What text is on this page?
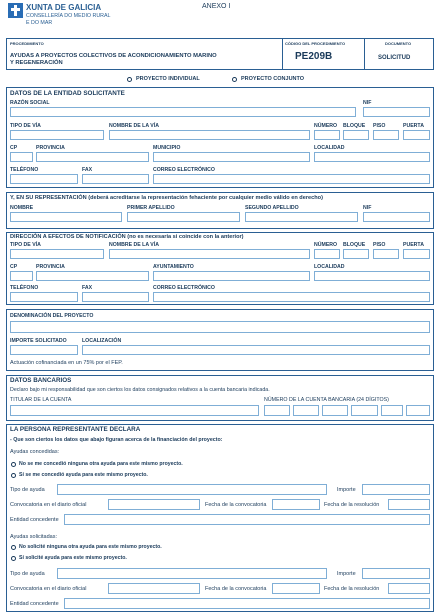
XUNTA DE GALICIA
CONSELLERÍA DO MEDIO RURAL
E DO MAR
ANEXO I
PROCEDIMIENTO
AYUDAS A PROYECTOS COLECTIVOS DE ACONDICIONAMIENTO MARINO
Y REGENERACIÓN
CÓDIGO DEL PROCEDIMIENTO
PE209B
DOCUMENTO
SOLICITUD
PROYECTO INDIVIDUAL	PROYECTO CONJUNTO
DATOS DE LA ENTIDAD SOLICITANTE
RAZÓN SOCIAL	NIF
TIPO DE VÍA	NOMBRE DE LA VÍA	NÚMERO BLOQUE PISO	PUERTA
CP	PROVINCIA	MUNICIPIO	LOCALIDAD
TELÉFONO	FAX	CORREO ELECTRÓNICO
Y, EN SU REPRESENTACIÓN (deberá acreditarse la representación fehaciente por cualquier medio válido en derecho)
NOMBRE	PRIMER APELLIDO	SEGUNDO APELLIDO	NIF
DIRECCIÓN A EFECTOS DE NOTIFICACIÓN (no es necesaria si coincide con la anterior)
TIPO DE VÍA	NOMBRE DE LA VÍA	NÚMERO BLOQUE PISO	PUERTA
CP	PROVINCIA	AYUNTAMIENTO	LOCALIDAD
TELÉFONO	FAX	CORREO ELECTRÓNICO
DENOMINACIÓN DEL PROYECTO
IMPORTE SOLICITADO	LOCALIZACIÓN
Actuación cofinanciada en un 75% por el FEP.
DATOS BANCARIOS
Declaro bajo mi responsabilidad que son ciertos los datos consignados relativos a la cuenta bancaria indicada.
TITULAR DE LA CUENTA	NÚMERO DE LA CUENTA BANCARIA (24 DÍGITOS)
LA PERSONA REPRESENTANTE DECLARA
- Que son ciertos los datos que abajo figuran acerca de la financiación del proyecto:
Ayudas concedidas:
No se me concedió ninguna otra ayuda para este mismo proyecto.
Sí se me concedió ayuda para este mismo proyecto.
Tipo de ayuda	Importe
Convocatoria en el diario oficial	Fecha de la convocatoria	Fecha de la resolución
Entidad concedente
Ayudas solicitadas:
No solicité ninguna otra ayuda para este mismo proyecto.
Sí solicité ayuda para este mismo proyecto.
Tipo de ayuda	Importe
Convocatoria en el diario oficial	Fecha de la convocatoria	Fecha de la resolución
Entidad concedente
